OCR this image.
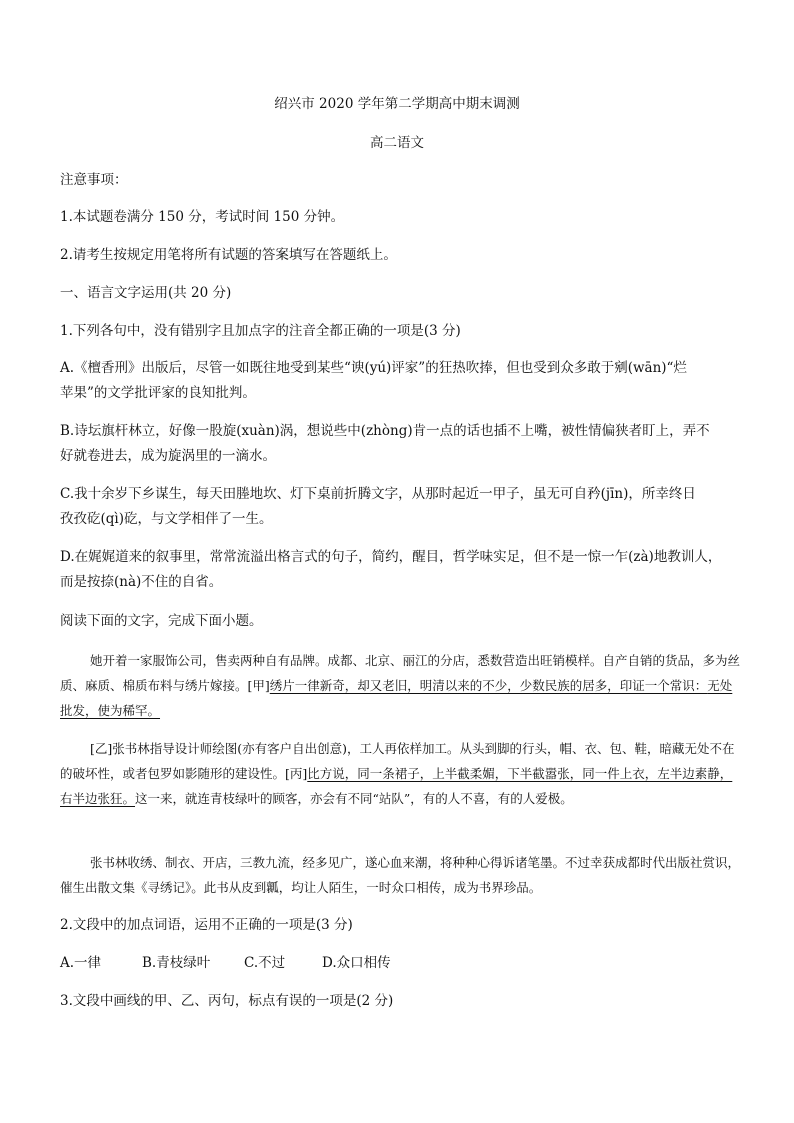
绍兴市 2020 学年第二学期高中期末调测
高二语文
注意事项：
1.本试题卷满分 150 分，考试时间 150 分钟。
2.请考生按规定用笔将所有试题的答案填写在答题纸上。
一、语言文字运用(共 20 分)
1.下列各句中，没有错别字且加点字的注音全都正确的一项是(3 分)
A.《檀香刑》出版后，尽管一如既往地受到某些“谀(yú)评家”的狂热吹捧，但也受到众多敢于剜(wān)“烂
苹果”的文学批评家的良知批判。
B.诗坛旗杆林立，好像一股旋(xuàn)涡，想说些中(zhòng)肯一点的话也插不上嘴，被性情偏狭者盯上，弄不
好就卷进去，成为旋涡里的一滴水。
C.我十余岁下乡谋生，每天田塍地坎、灯下桌前折腾文字，从那时起近一甲子，虽无可自矜(jīn)，所幸终日
孜孜矻(qì)矻，与文学相伴了一生。
D.在娓娓道来的叙事里，常常流溢出格言式的句子，简约，醒目，哲学味实足，但不是一惊一乍(zà)地教训人，
而是按捺(nà)不住的自省。
阅读下面的文字，完成下面小题。
她开着一家服饰公司，售卖两种自有品牌。成都、北京、丽江的分店，悉数营造出旺销模样。自产自销的货品，多为丝质、麻质、棉质布料与绣片嫁接。[甲]绣片一律新奇，却又老旧，明清以来的不少，少数民族的居多，印证一个常识：无处批发，使为稀罕。
[乙]张书林指导设计师绘图(亦有客户自出创意)，工人再依样加工。从头到脚的行头，帽、衣、包、鞋，暗藏无处不在的破坏性，或者包罗如影随形的建设性。[丙]比方说，同一条裙子，上半截柔媚，下半截嚣张，同一件上衣，左半边素静，右半边张狂。这一来，就连青枝绿叶的顾客，亦会有不同“站队”，有的人不喜，有的人爱极。
张书林收绣、制衣、开店，三教九流，经多见广，遂心血来潮，将种种心得诉诸笔墨。不过幸获成都时代出版社赏识，催生出散文集《寻绣记》。此书从皮到瓤，均让人陌生，一时众口相传，成为书界珍品。
2.文段中的加点词语，运用不正确的一项是(3 分)
A.一律	B.青枝绿叶	C.不过	D.众口相传
3.文段中画线的甲、乙、丙句，标点有误的一项是(2 分)
